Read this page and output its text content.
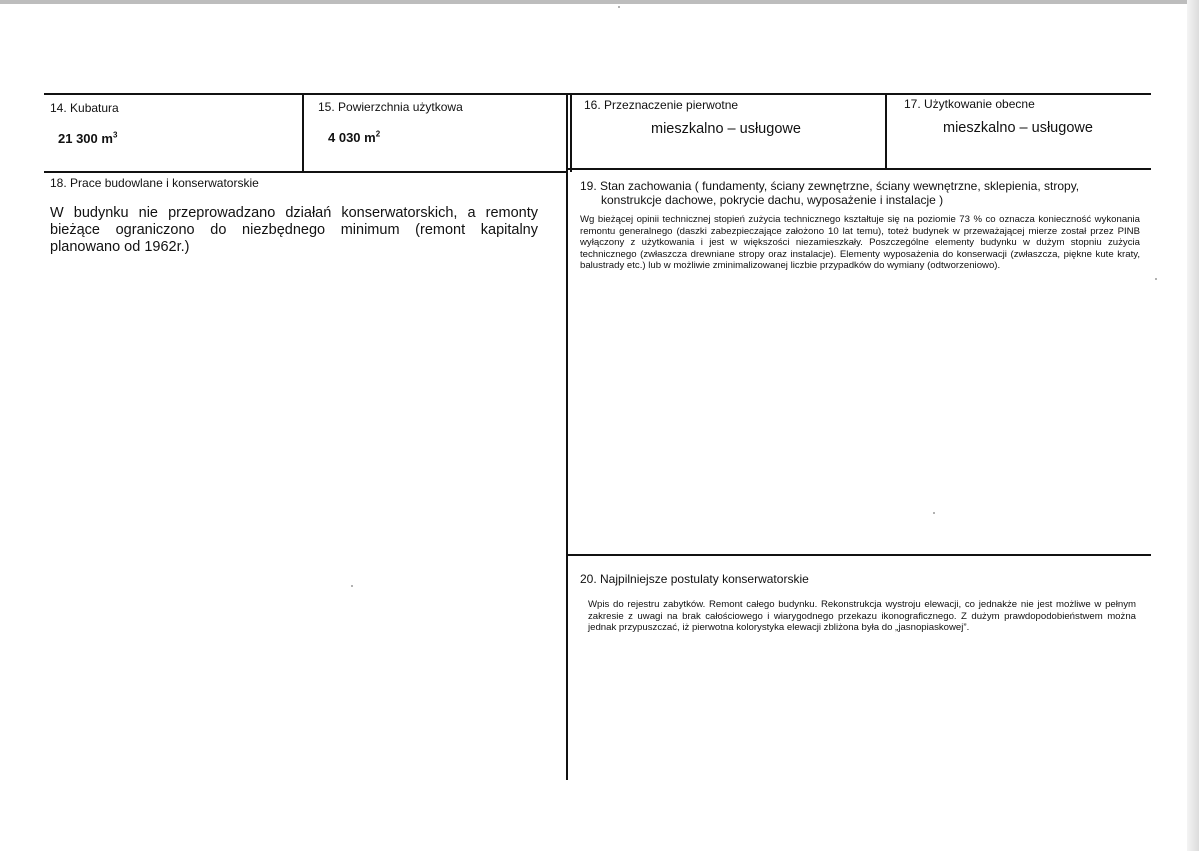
14. Kubatura
21 300 $m^3$
15. Powierzchnia użytkowa
4 030 $m^2$
16. Przeznaczenie pierwotne
mieszkalno – usługowe
17. Użytkowanie obecne
mieszkalno – usługowe
18. Prace budowlane i konserwatorskie
W budynku nie przeprowadzano działań konserwatorskich, a remonty bieżące ograniczono do niezbędnego minimum (remont kapitalny planowano od 1962r.)
19. Stan zachowania ( fundamenty, ściany zewnętrzne, ściany wewnętrzne, sklepienia, stropy,
konstrukcje dachowe, pokrycie dachu, wyposażenie i instalacje )
Wg bieżącej opinii technicznej stopień zużycia technicznego kształtuje się na poziomie 73 % co oznacza konieczność wykonania remontu generalnego (daszki zabezpieczające założono 10 lat temu), toteż budynek w przeważającej mierze został przez PINB wyłączony z użytkowania i jest w większości niezamieszkały. Poszczególne elementy budynku w dużym stopniu zużycia technicznego (zwłaszcza drewniane stropy oraz instalacje). Elementy wyposażenia do konserwacji (zwłaszcza, piękne kute kraty, balustrady etc.) lub w możliwie zminimalizowanej liczbie przypadków do wymiany (odtworzeniowo).
20. Najpilniejsze postulaty konserwatorskie
Wpis do rejestru zabytków. Remont całego budynku. Rekonstrukcja wystroju elewacji, co jednakże nie jest możliwe w pełnym zakresie z uwagi na brak całościowego i wiarygodnego przekazu ikonograficznego. Z dużym prawdopodobieństwem można jednak przypuszczać, iż pierwotna kolorystyka elewacji zbliżona była do „jasnopiaskowej”.
